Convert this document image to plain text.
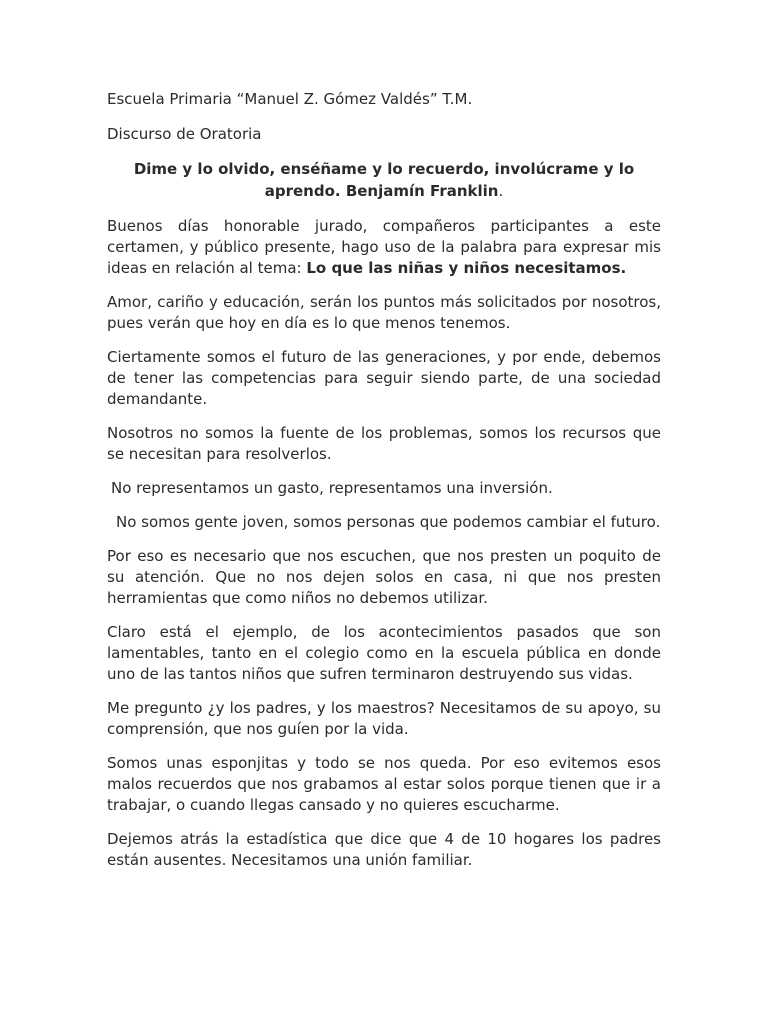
Escuela Primaria “Manuel Z. Gómez Valdés” T.M.

Discurso de Oratoria

Dime y lo olvido, enséñame y lo recuerdo, involúcrame y lo aprendo. Benjamín Franklin.

Buenos días honorable jurado, compañeros participantes a este certamen, y público presente, hago uso de la palabra para expresar mis ideas en relación al tema: Lo que las niñas y niños necesitamos.

Amor, cariño y educación, serán los puntos más solicitados por nosotros, pues verán que hoy en día es lo que menos tenemos.

Ciertamente somos el futuro de las generaciones, y por ende, debemos de tener las competencias para seguir siendo parte, de una sociedad demandante.

Nosotros no somos la fuente de los problemas, somos los recursos que se necesitan para resolverlos.

No representamos un gasto, representamos una inversión.

No somos gente joven, somos personas que podemos cambiar el futuro.

Por eso es necesario que nos escuchen, que nos presten un poquito de su atención. Que no nos dejen solos en casa, ni que nos presten herramientas que como niños no debemos utilizar.

Claro está el ejemplo, de los acontecimientos pasados que son lamentables, tanto en el colegio como en la escuela pública en donde uno de las tantos niños que sufren terminaron destruyendo sus vidas.

Me pregunto ¿y los padres, y los maestros? Necesitamos de su apoyo, su comprensión, que nos guíen por la vida.

Somos unas esponjitas y todo se nos queda. Por eso evitemos esos malos recuerdos que nos grabamos al estar solos porque tienen que ir a trabajar, o cuando llegas cansado y no quieres escucharme.

Dejemos atrás la estadística que dice que 4 de 10 hogares los padres están ausentes. Necesitamos una unión familiar.
